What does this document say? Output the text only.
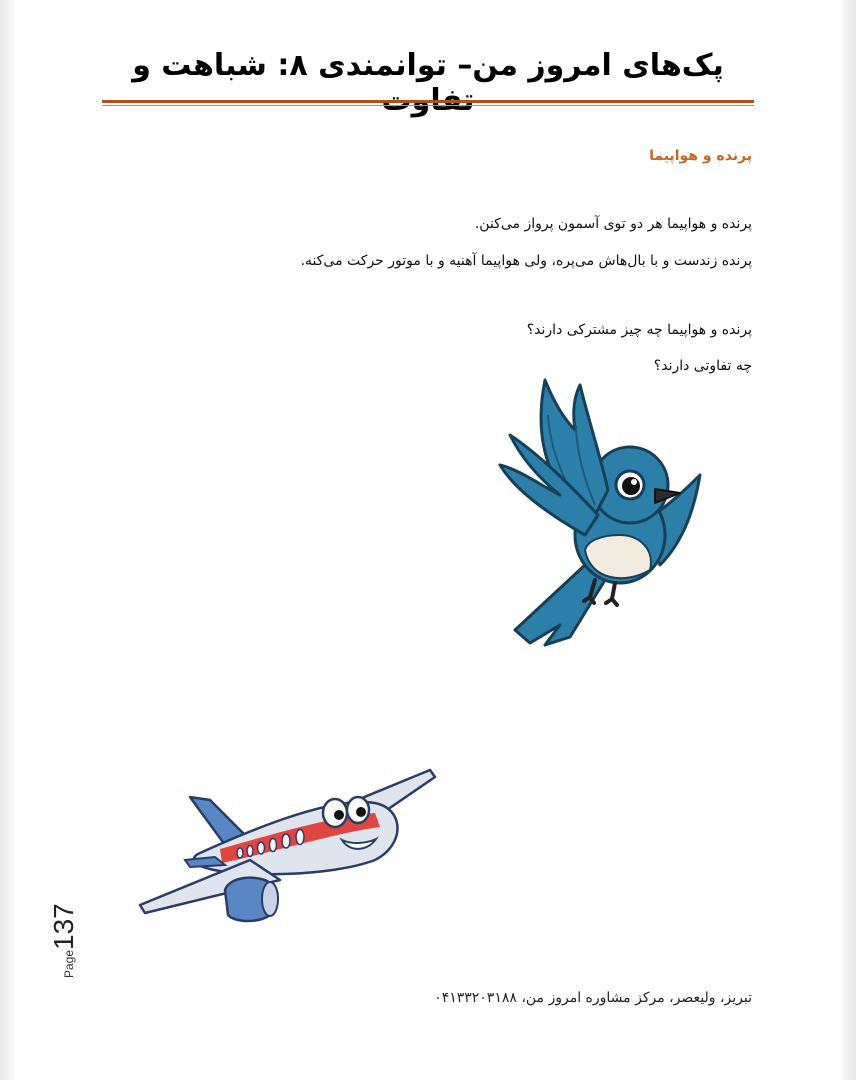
پک‌های امروز من– توانمندی ۸: شباهت و
پرنده و هواپیما
پرنده و هواپیما هر دو توی آسمون پرواز می‌کنن.
پرنده زندست و با بال‌هاش می‌پره، ولی هواپیما آهنیه و با موتور حرکت می‌کنه.
پرنده و هواپیما چه چیز مشترکی دارند؟
چه تفاوتی دارند؟
Page137
تبریز، ولیعصر، مرکز مشاوره امروز من، ۰۴۱۳۳۲۰۳۱۸۸
